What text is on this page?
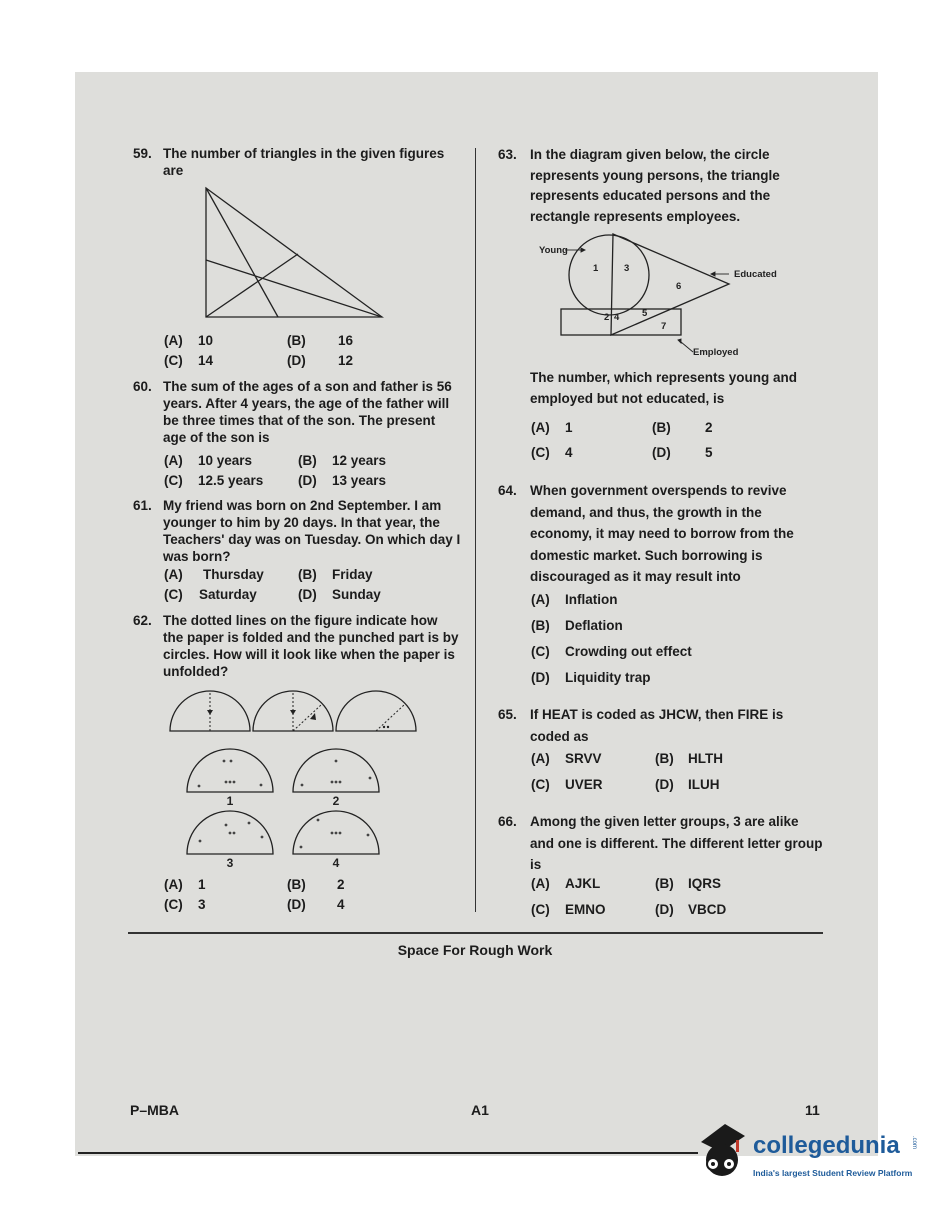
59. The number of triangles in the given figures are
(A) 10	(B) 16
(C) 14	(D) 12
60. The sum of the ages of a son and father is 56 years. After 4 years, the age of the father will be three times that of the son. The present age of the son is
(A) 10 years	(B) 12 years
(C) 12.5 years	(D) 13 years
61. My friend was born on 2nd September. I am younger to him by 20 days. In that year, the Teachers' day was on Tuesday. On which day I was born?
(A) Thursday	(B) Friday
(C) Saturday	(D) Sunday
62. The dotted lines on the figure indicate how the paper is folded and the punched part is by circles. How will it look like when the paper is unfolded?
1	2
3	4
(A) 1	(B) 2
(C) 3	(D) 4
63. In the diagram given below, the circle represents young persons, the triangle represents educated persons and the rectangle represents employees.
Young
Educated
Employed
1	3
6
2 4 5
7
The number, which represents young and employed but not educated, is
(A) 1	(B)	2
(C) 4	(D)	5
64. When government overspends to revive demand, and thus, the growth in the economy, it may need to borrow from the domestic market. Such borrowing is discouraged as it may result into
(A) Inflation
(B) Deflation
(C) Crowding out effect
(D) Liquidity trap
65. If HEAT is coded as JHCW, then FIRE is coded as
(A) SRVV	(B) HLTH
(C) UVER	(D) ILUH
66. Among the given letter groups, 3 are alike and one is different. The different letter group is
(A) AJKL	(B) IQRS
(C) EMNO	(D) VBCD
Space For Rough Work
P–MBA	A1	11
collegedunia .com
India's largest Student Review Platform
